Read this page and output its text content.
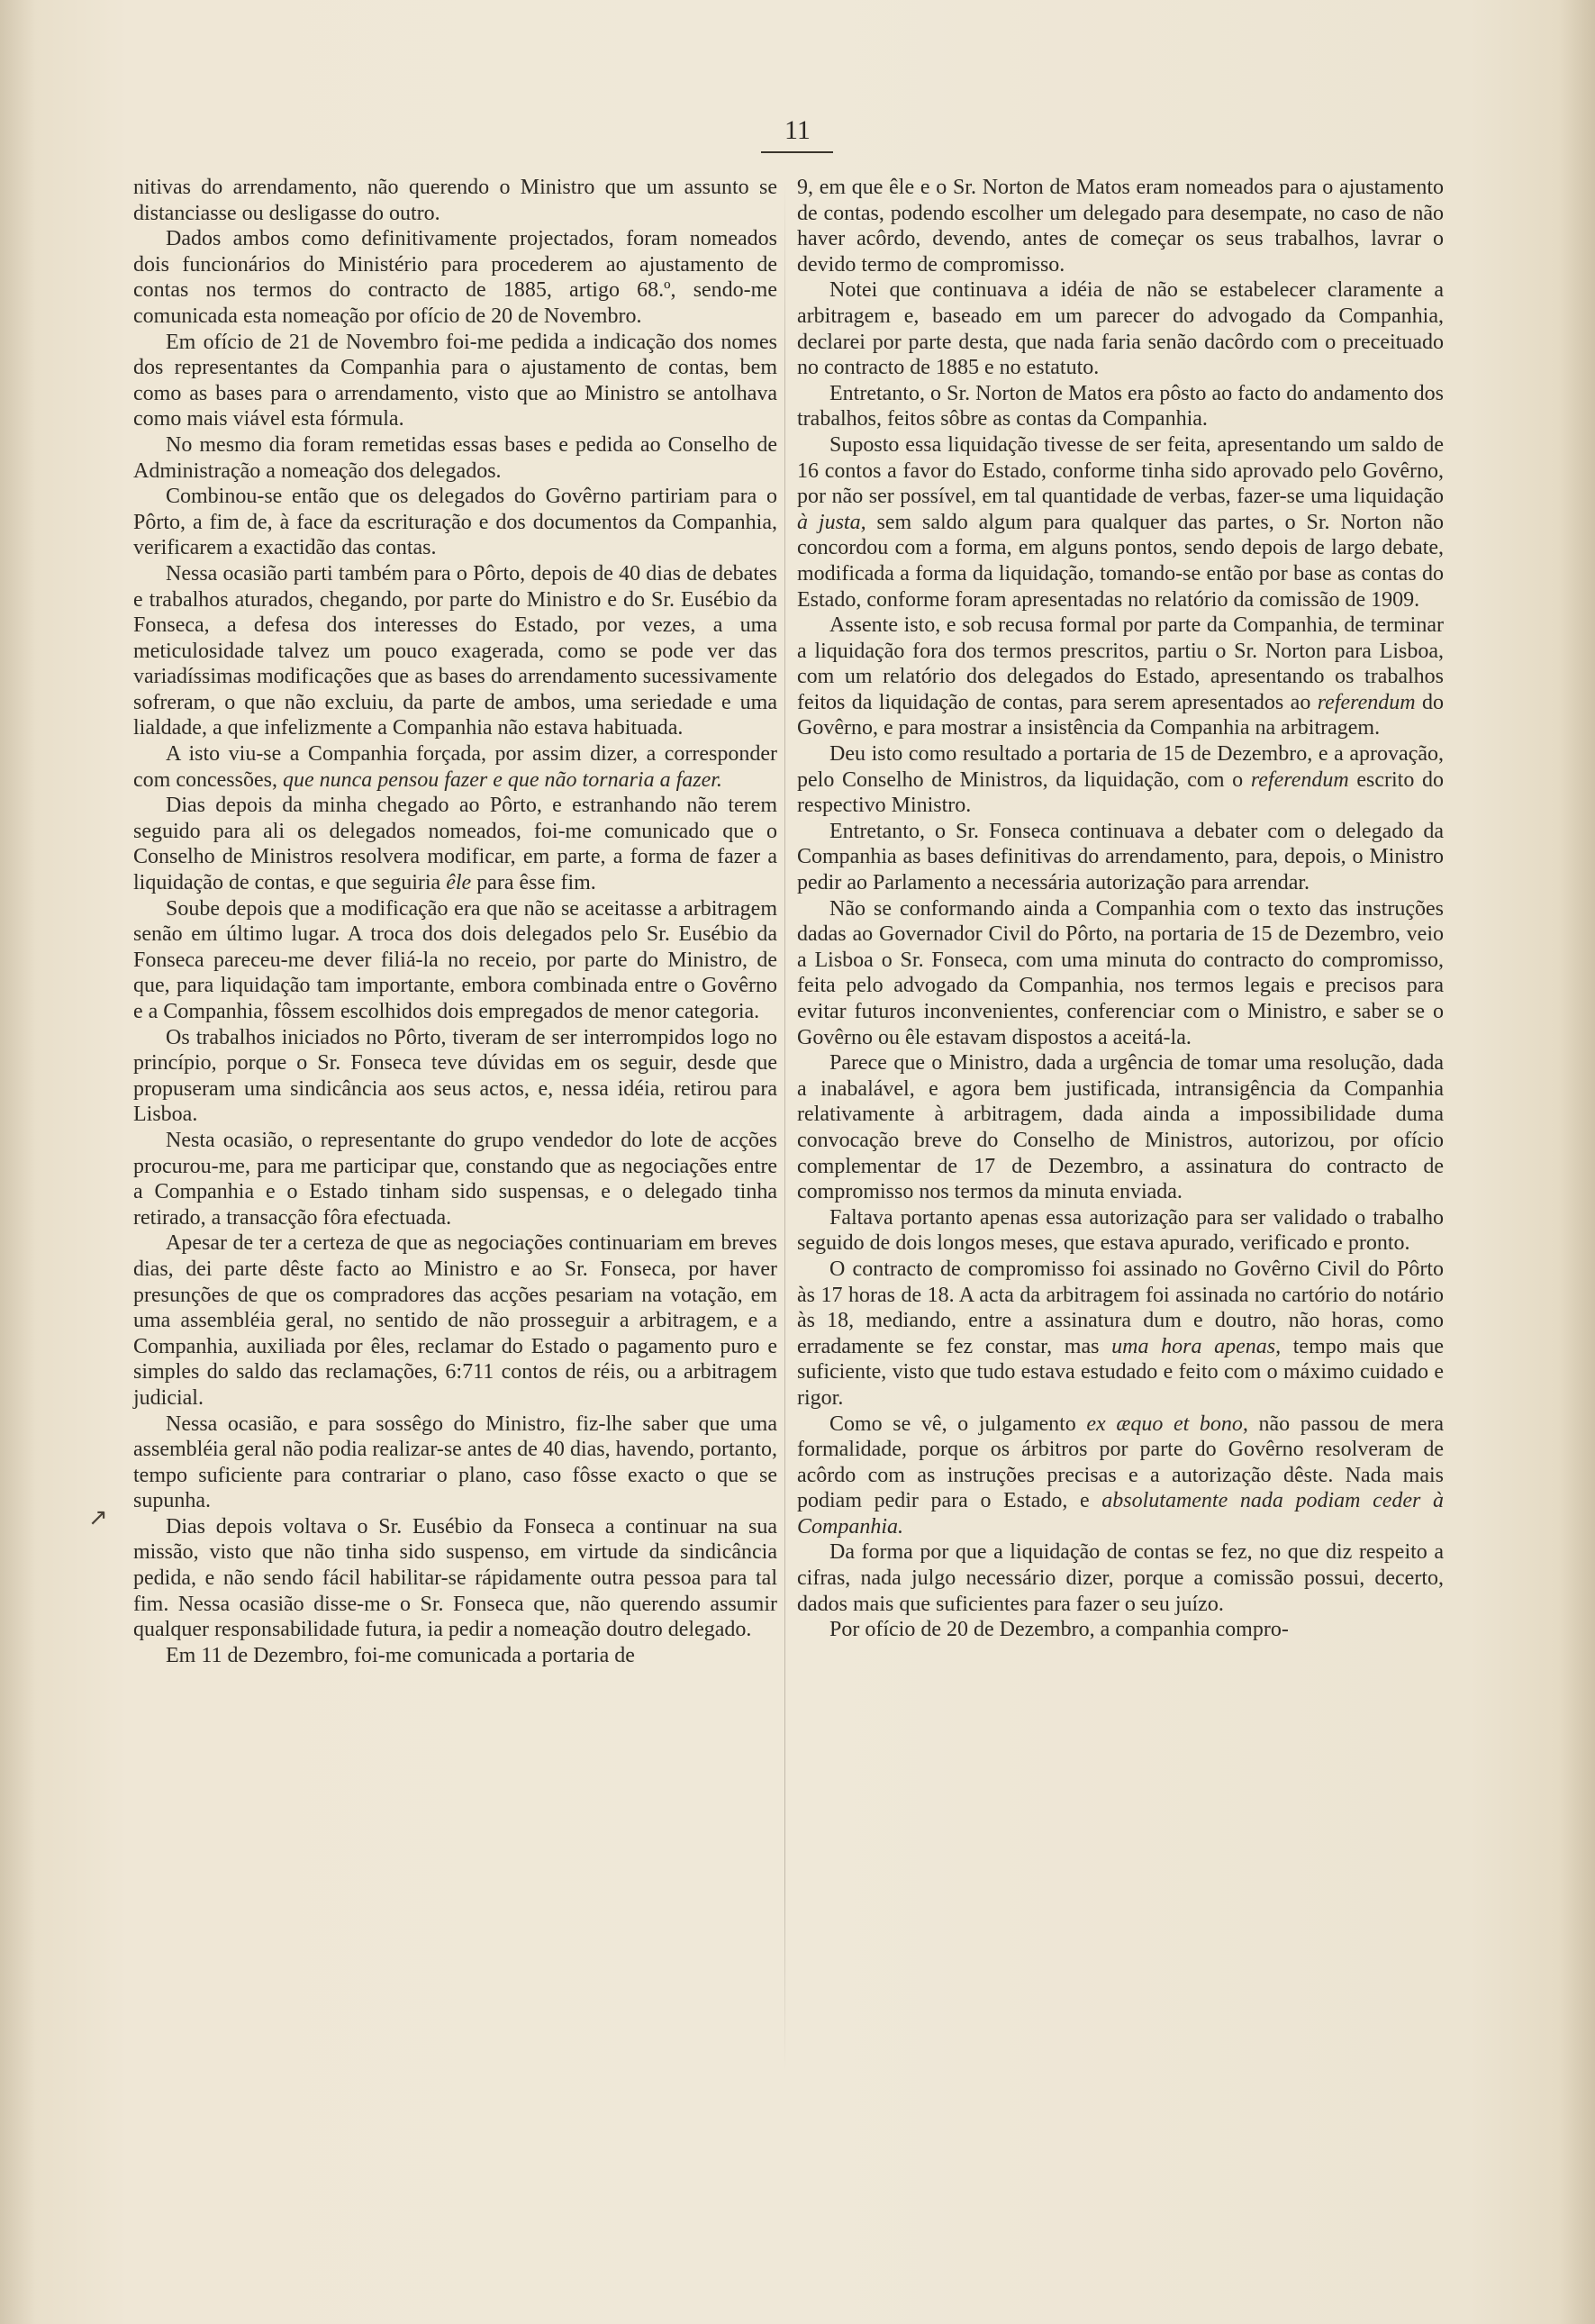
11
↗

nitivas do arrendamento, não querendo o Ministro que um assunto se distanciasse ou desligasse do outro.

Dados ambos como definitivamente projectados, foram nomeados dois funcionários do Ministério para procederem ao ajustamento de contas nos termos do contracto de 1885, artigo 68.º, sendo-me comunicada esta nomeação por ofício de 20 de Novembro.

Em ofício de 21 de Novembro foi-me pedida a indicação dos nomes dos representantes da Companhia para o ajustamento de contas, bem como as bases para o arrendamento, visto que ao Ministro se antolhava como mais viável esta fórmula.

No mesmo dia foram remetidas essas bases e pedida ao Conselho de Administração a nomeação dos delegados.

Combinou-se então que os delegados do Govêrno partiriam para o Pôrto, a fim de, à face da escrituração e dos documentos da Companhia, verificarem a exactidão das contas.

Nessa ocasião parti também para o Pôrto, depois de 40 dias de debates e trabalhos aturados, chegando, por parte do Ministro e do Sr. Eusébio da Fonseca, a defesa dos interesses do Estado, por vezes, a uma meticulosidade talvez um pouco exagerada, como se pode ver das variadíssimas modificações que as bases do arrendamento sucessivamente sofreram, o que não excluiu, da parte de ambos, uma seriedade e uma lialdade, a que infelizmente a Companhia não estava habituada.

A isto viu-se a Companhia forçada, por assim dizer, a corresponder com concessões, que nunca pensou fazer e que não tornaria a fazer.

Dias depois da minha chegado ao Pôrto, e estranhando não terem seguido para ali os delegados nomeados, foi-me comunicado que o Conselho de Ministros resolvera modificar, em parte, a forma de fazer a liquidação de contas, e que seguiria êle para êsse fim.

Soube depois que a modificação era que não se aceitasse a arbitragem senão em último lugar. A troca dos dois delegados pelo Sr. Eusébio da Fonseca pareceu-me dever filiá-la no receio, por parte do Ministro, de que, para liquidação tam importante, embora combinada entre o Govêrno e a Companhia, fôssem escolhidos dois empregados de menor categoria.

Os trabalhos iniciados no Pôrto, tiveram de ser interrompidos logo no princípio, porque o Sr. Fonseca teve dúvidas em os seguir, desde que propuseram uma sindicância aos seus actos, e, nessa idéia, retirou para Lisboa.

Nesta ocasião, o representante do grupo vendedor do lote de acções procurou-me, para me participar que, constando que as negociações entre a Companhia e o Estado tinham sido suspensas, e o delegado tinha retirado, a transacção fôra efectuada.

Apesar de ter a certeza de que as negociações continuariam em breves dias, dei parte dêste facto ao Ministro e ao Sr. Fonseca, por haver presunções de que os compradores das acções pesariam na votação, em uma assembléia geral, no sentido de não prosseguir a arbitragem, e a Companhia, auxiliada por êles, reclamar do Estado o pagamento puro e simples do saldo das reclamações, 6:711 contos de réis, ou a arbitragem judicial.

Nessa ocasião, e para sossêgo do Ministro, fiz-lhe saber que uma assembléia geral não podia realizar-se antes de 40 dias, havendo, portanto, tempo suficiente para contrariar o plano, caso fôsse exacto o que se supunha.

Dias depois voltava o Sr. Eusébio da Fonseca a continuar na sua missão, visto que não tinha sido suspenso, em virtude da sindicância pedida, e não sendo fácil habilitar-se rápidamente outra pessoa para tal fim. Nessa ocasião disse-me o Sr. Fonseca que, não querendo assumir qualquer responsabilidade futura, ia pedir a nomeação doutro delegado.

Em 11 de Dezembro, foi-me comunicada a portaria de

9, em que êle e o Sr. Norton de Matos eram nomeados para o ajustamento de contas, podendo escolher um delegado para desempate, no caso de não haver acôrdo, devendo, antes de começar os seus trabalhos, lavrar o devido termo de compromisso.

Notei que continuava a idéia de não se estabelecer claramente a arbitragem e, baseado em um parecer do advogado da Companhia, declarei por parte desta, que nada faria senão dacôrdo com o preceituado no contracto de 1885 e no estatuto.

Entretanto, o Sr. Norton de Matos era pôsto ao facto do andamento dos trabalhos, feitos sôbre as contas da Companhia.

Suposto essa liquidação tivesse de ser feita, apresentando um saldo de 16 contos a favor do Estado, conforme tinha sido aprovado pelo Govêrno, por não ser possível, em tal quantidade de verbas, fazer-se uma liquidação à justa, sem saldo algum para qualquer das partes, o Sr. Norton não concordou com a forma, em alguns pontos, sendo depois de largo debate, modificada a forma da liquidação, tomando-se então por base as contas do Estado, conforme foram apresentadas no relatório da comissão de 1909.

Assente isto, e sob recusa formal por parte da Companhia, de terminar a liquidação fora dos termos prescritos, partiu o Sr. Norton para Lisboa, com um relatório dos delegados do Estado, apresentando os trabalhos feitos da liquidação de contas, para serem apresentados ao referendum do Govêrno, e para mostrar a insistência da Companhia na arbitragem.

Deu isto como resultado a portaria de 15 de Dezembro, e a aprovação, pelo Conselho de Ministros, da liquidação, com o referendum escrito do respectivo Ministro.

Entretanto, o Sr. Fonseca continuava a debater com o delegado da Companhia as bases definitivas do arrendamento, para, depois, o Ministro pedir ao Parlamento a necessária autorização para arrendar.

Não se conformando ainda a Companhia com o texto das instruções dadas ao Governador Civil do Pôrto, na portaria de 15 de Dezembro, veio a Lisboa o Sr. Fonseca, com uma minuta do contracto do compromisso, feita pelo advogado da Companhia, nos termos legais e precisos para evitar futuros inconvenientes, conferenciar com o Ministro, e saber se o Govêrno ou êle estavam dispostos a aceitá-la.

Parece que o Ministro, dada a urgência de tomar uma resolução, dada a inabalável, e agora bem justificada, intransigência da Companhia relativamente à arbitragem, dada ainda a impossibilidade duma convocação breve do Conselho de Ministros, autorizou, por ofício complementar de 17 de Dezembro, a assinatura do contracto de compromisso nos termos da minuta enviada.

Faltava portanto apenas essa autorização para ser validado o trabalho seguido de dois longos meses, que estava apurado, verificado e pronto.

O contracto de compromisso foi assinado no Govêrno Civil do Pôrto às 17 horas de 18. A acta da arbitragem foi assinada no cartório do notário às 18, mediando, entre a assinatura dum e doutro, não horas, como erradamente se fez constar, mas uma hora apenas, tempo mais que suficiente, visto que tudo estava estudado e feito com o máximo cuidado e rigor.

Como se vê, o julgamento ex æquo et bono, não passou de mera formalidade, porque os árbitros por parte do Govêrno resolveram de acôrdo com as instruções precisas e a autorização dêste. Nada mais podiam pedir para o Estado, e absolutamente nada podiam ceder à Companhia.

Da forma por que a liquidação de contas se fez, no que diz respeito a cifras, nada julgo necessário dizer, porque a comissão possui, decerto, dados mais que suficientes para fazer o seu juízo.

Por ofício de 20 de Dezembro, a companhia compro-
